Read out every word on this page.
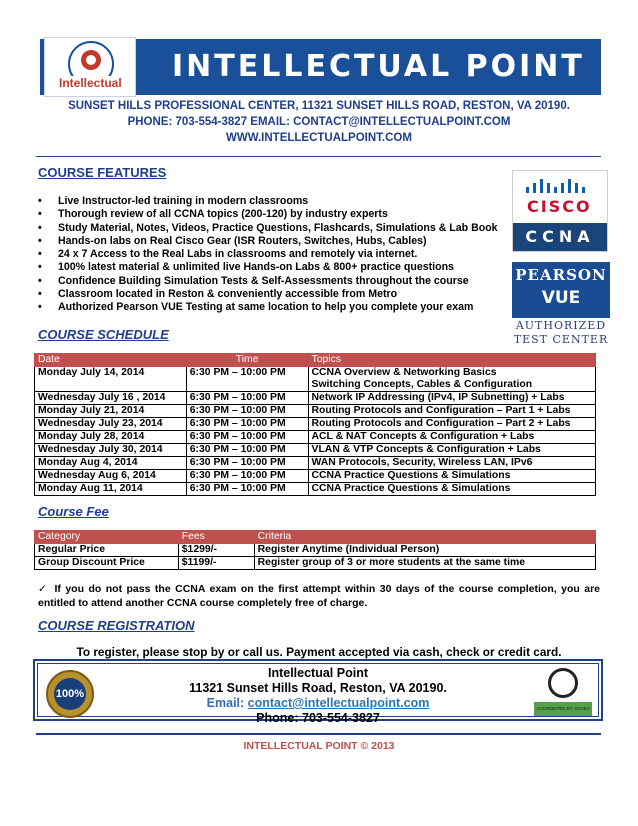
Intellectual INTELLECTUAL POINT
SUNSET HILLS PROFESSIONAL CENTER, 11321 SUNSET HILLS ROAD, RESTON, VA 20190.
PHONE: 703-554-3827 EMAIL: CONTACT@INTELLECTUALPOINT.COM
WWW.INTELLECTUALPOINT.COM
COURSE FEATURES
• Live Instructor-led training in modern classrooms
• Thorough review of all CCNA topics (200-120) by industry experts
• Study Material, Notes, Videos, Practice Questions, Flashcards, Simulations & Lab Book
• Hands-on labs on Real Cisco Gear (ISR Routers, Switches, Hubs, Cables)
• 24 x 7 Access to the Real Labs in classrooms and remotely via internet.
• 100% latest material & unlimited live Hands-on Labs & 800+ practice questions
• Confidence Building Simulation Tests & Self-Assessments throughout the course
• Classroom located in Reston & conveniently accessible from Metro
• Authorized Pearson VUE Testing at same location to help you complete your exam
CISCO
CCNA
PEARSON
VUE
AUTHORIZED
TEST CENTER
COURSE SCHEDULE
Date	Time	Topics
Monday July 14, 2014	6:30 PM – 10:00 PM	CCNA Overview & Networking Basics
Switching Concepts, Cables & Configuration

Wednesday July 16 , 2014	6:30 PM – 10:00 PM	Network IP Addressing (IPv4, IP Subnetting) + Labs
Monday July 21, 2014	6:30 PM – 10:00 PM	Routing Protocols and Configuration – Part 1 + Labs
Wednesday July 23, 2014	6:30 PM – 10:00 PM	Routing Protocols and Configuration – Part 2 + Labs
Monday July 28, 2014	6:30 PM – 10:00 PM	ACL & NAT Concepts & Configuration + Labs
Wednesday July 30, 2014	6:30 PM – 10:00 PM	VLAN & VTP Concepts & Configuration + Labs
Monday Aug 4, 2014	6:30 PM – 10:00 PM	WAN Protocols, Security, Wireless LAN, IPv6
Wednesday Aug 6, 2014	6:30 PM – 10:00 PM	CCNA Practice Questions & Simulations
Monday Aug 11, 2014	6:30 PM – 10:00 PM	CCNA Practice Questions & Simulations
Course Fee
Category	Fees	Criteria
Regular Price	$1299/-	Register Anytime (Individual Person)
Group Discount Price	$1199/-	Register group of 3 or more students at the same time
✓ If you do not pass the CCNA exam on the first attempt within 30 days of the course completion, you are entitled to attend another CCNA course completely free of charge.
COURSE REGISTRATION
To register, please stop by or call us. Payment accepted via cash, check or credit card.
100%
Intellectual Point
11321 Sunset Hills Road, Reston, VA 20190.
Email: contact@intellectualpoint.com
Phone: 703-554-3827
ACCREDITED BY SCHEV
INTELLECTUAL POINT © 2013
